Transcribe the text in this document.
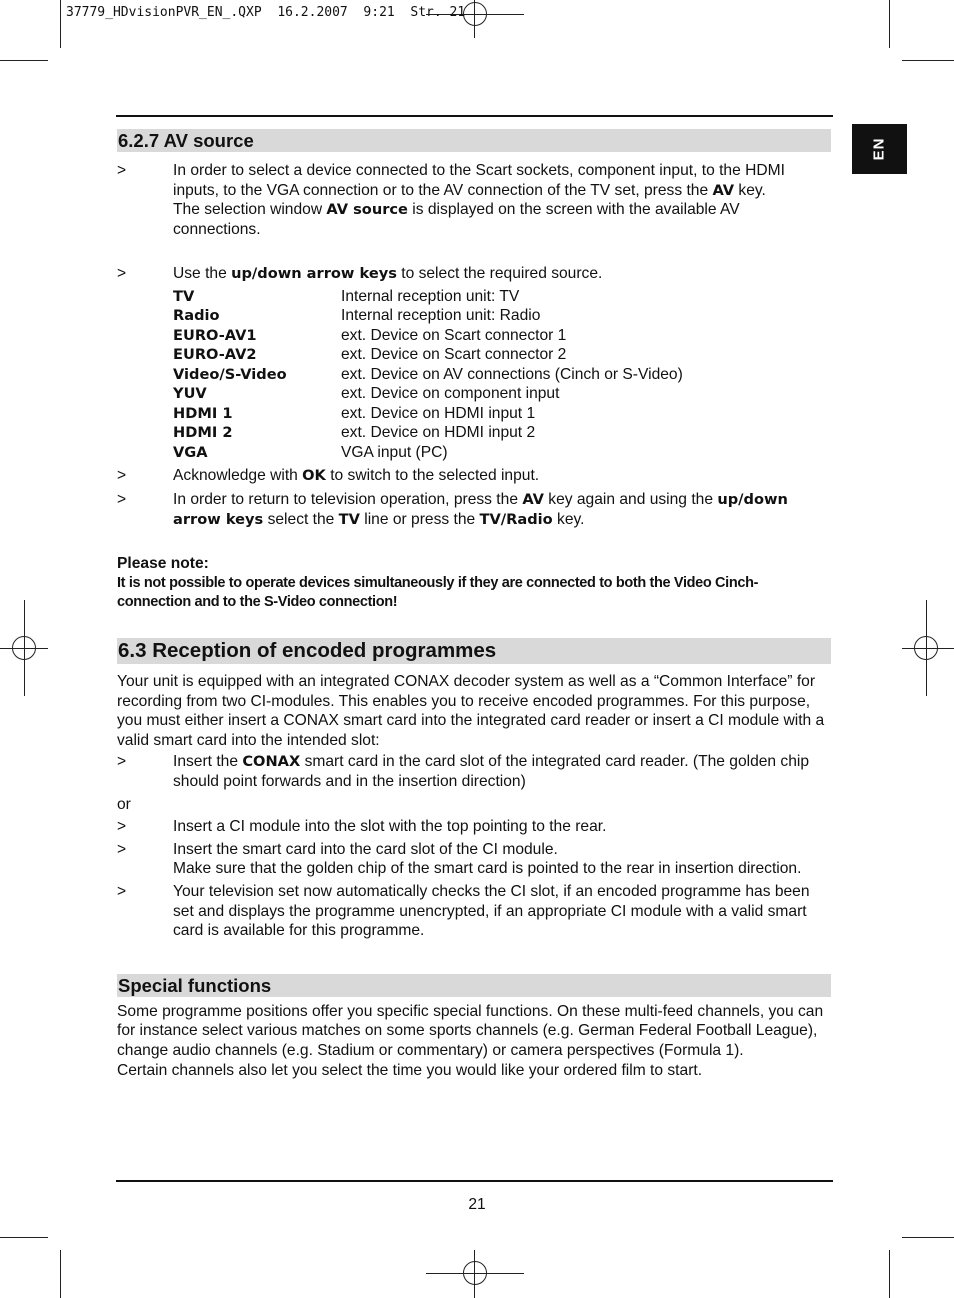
37779_HDvisionPVR_EN_.QXP  16.2.2007  9:21  Str. 21
EN
6.2.7 AV source
>	In order to select a device connected to the Scart sockets, component input, to the HDMI inputs, to the VGA connection or to the AV connection of the TV set, press the AV key.

The selection window AV source is displayed on the screen with the available AV connections.

>	Use the up/down arrow keys to select the required source.

TV	Internal reception unit: TV
Radio	Internal reception unit: Radio
EURO-AV1	ext. Device on Scart connector 1
EURO-AV2	ext. Device on Scart connector 2
Video/S-Video	ext. Device on AV connections (Cinch or S-Video)
YUV	ext. Device on component input
HDMI 1	ext. Device on HDMI input 1
HDMI 2	ext. Device on HDMI input 2
VGA	VGA input (PC)
>	Acknowledge with OK to switch to the selected input.

>	In order to return to television operation, press the AV key again and using the up/down arrow keys select the TV line or press the TV/Radio key.

Please note:

It is not possible to operate devices simultaneously if they are connected to both the Video Cinch-connection and to the S-Video connection!

6.3 Reception of encoded programmes

Your unit is equipped with an integrated CONAX decoder system as well as a “Common Interface” for recording from two CI-modules. This enables you to receive encoded programmes. For this purpose, you must either insert a CONAX smart card into the integrated card reader or insert a CI module with a valid smart card into the intended slot:

>	Insert the CONAX smart card in the card slot of the integrated card reader. (The golden chip should point forwards and in the insertion direction)

or

>	Insert a CI module into the slot with the top pointing to the rear.

>	Insert the smart card into the card slot of the CI module.

Make sure that the golden chip of the smart card is pointed to the rear in insertion direction.

>	Your television set now automatically checks the CI slot, if an encoded programme has been set and displays the programme unencrypted, if an appropriate CI module with a valid smart card is available for this programme.

Special functions

Some programme positions offer you specific special functions. On these multi-feed channels, you can for instance select various matches on some sports channels (e.g. German Federal Football League), change audio channels (e.g. Stadium or commentary) or camera perspectives (Formula 1).

Certain channels also let you select the time you would like your ordered film to start.

21
